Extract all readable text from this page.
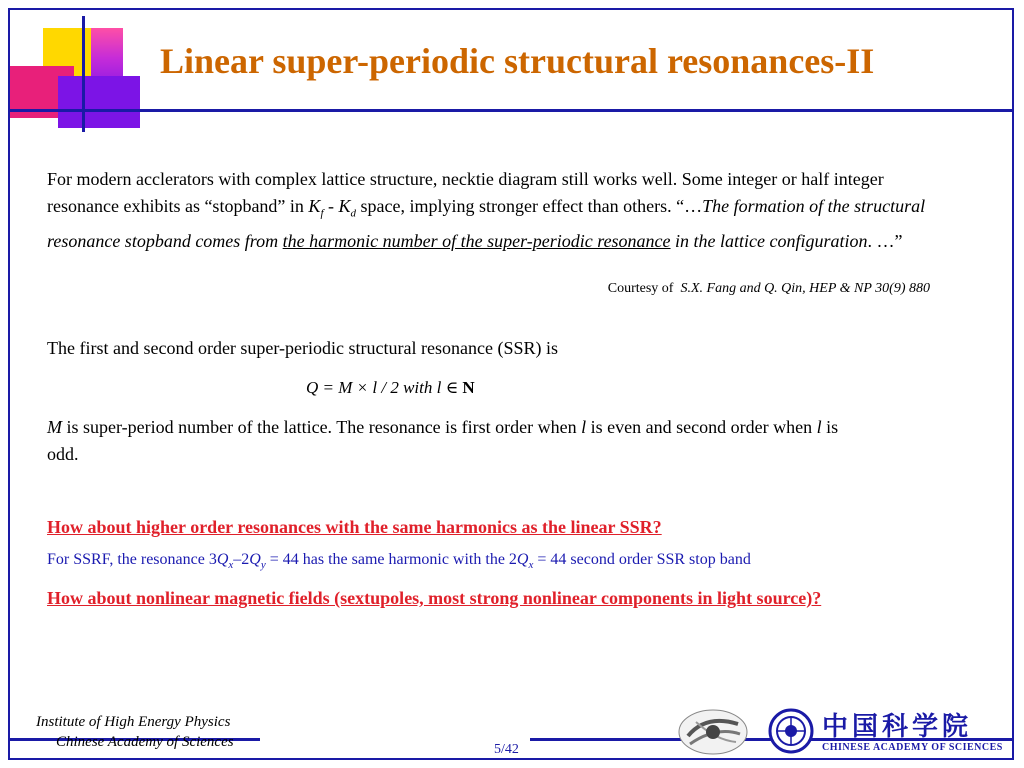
Linear super-periodic structural resonances-II
For modern acclerators with complex lattice structure, necktie diagram still works well. Some integer or half integer resonance exhibits as “stopband” in $K_f - K_d$ space, implying stronger effect than others. “…The formation of the structural resonance stopband comes from the harmonic number of the super-periodic resonance in the lattice configuration. …”
Courtesy of S.X. Fang and Q. Qin, HEP & NP 30(9) 880
The first and second order super-periodic structural resonance (SSR) is
Q = M × l / 2 with l ∈ N
M is super-period number of the lattice. The resonance is first order when l is even and second order when l is odd.
How about higher order resonances with the same harmonics as the linear SSR?
For SSRF, the resonance $3Q_x-2Q_y = 44$ has the same harmonic with the $2Q_x = 44$ second order SSR stop band
How about nonlinear magnetic fields (sextupoles, most strong nonlinear components in light source)?
Institute of High Energy Physics
Chinese Academy of Sciences	5/42
中国科学院
CHINESE ACADEMY OF SCIENCES
